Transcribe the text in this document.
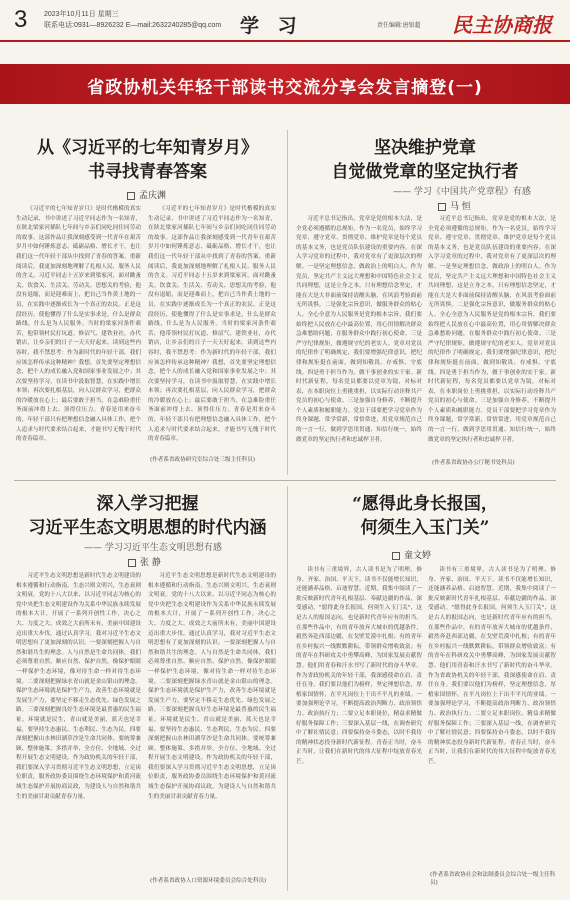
3 2023年10月11日 星期三
联系电话:0931—8926232 E—mail:2632240285@qq.com 学 习	责任编辑:唐银超 民主协商报
省政协机关年轻干部读书交流分享会发言摘登(一)
从《习近平的七年知青岁月》
书寻找青春答案
孟庆渊

《习近平的七年知青岁月》是时代楷模的真实生动记录，书中讲述了习近平同志作为一名知青，在陕北梁家河插队七年间与乡亲们同吃同住同劳动的故事。这部作品让我深刻感受到一代青年在艰苦岁月中如何锤炼意志、砥砺品格、增长才干，也让我们这一代年轻干部从中找到了青春的答案。重新阅读后，我更加深刻地理解了扎根人民、服务人民的含义。习近平同志十五岁来到梁家河，面对跳蚤关、饮食关、生活关、劳动关、思想关的考验，他没有退缩，而是迎难而上，把自己当作黄土地的一员，在实践中逐渐成长为一个真正的农民。正是这段经历，使他懂得了什么是实事求是，什么是群众路线，什么是为人民服务。当时的梁家河条件艰苦，他带领村民打坑道、修沼气、建铁业社，办代销店，让乡亲们的日子一天天好起来。读到这些内容时，我不禁思考：作为新时代的年轻干部，我们应该怎样传承这种精神？我想，首先要坚定理想信念，把个人的成长融入党和国家事业发展之中；其次要坚持学习，在读书中汲取智慧，在实践中增长本领；再次要扎根基层，向人民群众学习，把群众的冷暖放在心上；最后要敢于担当，在急难险重任务面前冲得上去、顶得住压力。青春是用来奋斗的，年轻干部只有把理想信念融入具体工作，把个人追求与时代要求结合起来，才能书写无愧于时代的青春篇章。

《习近平的七年知青岁月》是时代楷模的真实生动记录，书中讲述了习近平同志作为一名知青，在陕北梁家河插队七年间与乡亲们同吃同住同劳动的故事。这部作品让我深刻感受到一代青年在艰苦岁月中如何锤炼意志、砥砺品格、增长才干，也让我们这一代年轻干部从中找到了青春的答案。重新阅读后，我更加深刻地理解了扎根人民、服务人民的含义。习近平同志十五岁来到梁家河，面对跳蚤关、饮食关、生活关、劳动关、思想关的考验，他没有退缩，而是迎难而上，把自己当作黄土地的一员，在实践中逐渐成长为一个真正的农民。正是这段经历，使他懂得了什么是实事求是，什么是群众路线，什么是为人民服务。当时的梁家河条件艰苦，他带领村民打坑道、修沼气、建铁业社，办代销店，让乡亲们的日子一天天好起来。读到这些内容时，我不禁思考：作为新时代的年轻干部，我们应该怎样传承这种精神？我想，首先要坚定理想信念，把个人的成长融入党和国家事业发展之中；其次要坚持学习，在读书中汲取智慧，在实践中增长本领；再次要扎根基层，向人民群众学习，把群众的冷暖放在心上；最后要敢于担当，在急难险重任务面前冲得上去、顶得住压力。青春是用来奋斗的，年轻干部只有把理想信念融入具体工作，把个人追求与时代要求结合起来，才能书写无愧于时代的青春篇章。

(作者系省政协研究室综合处三级主任科员)
坚决维护党章
自觉做党章的坚定执行者
—— 学习《中国共产党章程》有感
马 恒

习近平总书记指出，党章是党的根本大法，是全党必须遵循的总规矩。作为一名党员，始终学习党章、遵守党章、贯彻党章、维护党章是每个党员的基本义务，也是党员队伍建设的重要内容。在深入学习党章的过程中，我对党章有了更深层次的理解。一是坚定理想信念，做政治上的明白人。作为党员，坚定共产主义远大理想和中国特色社会主义共同理想，这是立身之本。只有理想信念坚定，才能在大是大非面前保持清醒头脑，在风浪考验面前无所畏惧。二是强化宗旨意识，做服务群众的贴心人。全心全意为人民服务是党的根本宗旨，我们要始终把人民放在心中最高位置，用心用情解决群众急难愁盼问题，在服务群众中践行初心使命。三是严守纪律规矩，做遵规守纪的老实人。党章对党员的纪律作了明确规定，我们要增强纪律意识，把纪律和规矩挺在前面，做到知敬畏、存戒惧、守底线。四是勇于担当作为，做干事创业的实干家。新时代新征程，每名党员都要以党章为镜，对标对表，在本职岗位上勇挑重担，以实际行动诠释共产党员的初心与使命。三是加强自身修养，不断提升个人素质和履职能力。党员干部要把学习党章作为终身课题，常学常新，常悟常进，用党章规范自己的一言一行，做到学思用贯通、知信行统一，始终做党章的坚定执行者和忠诚捍卫者。

习近平总书记指出，党章是党的根本大法，是全党必须遵循的总规矩。作为一名党员，始终学习党章、遵守党章、贯彻党章、维护党章是每个党员的基本义务，也是党员队伍建设的重要内容。在深入学习党章的过程中，我对党章有了更深层次的理解。一是坚定理想信念，做政治上的明白人。作为党员，坚定共产主义远大理想和中国特色社会主义共同理想，这是立身之本。只有理想信念坚定，才能在大是大非面前保持清醒头脑，在风浪考验面前无所畏惧。二是强化宗旨意识，做服务群众的贴心人。全心全意为人民服务是党的根本宗旨，我们要始终把人民放在心中最高位置，用心用情解决群众急难愁盼问题，在服务群众中践行初心使命。三是严守纪律规矩，做遵规守纪的老实人。党章对党员的纪律作了明确规定，我们要增强纪律意识，把纪律和规矩挺在前面，做到知敬畏、存戒惧、守底线。四是勇于担当作为，做干事创业的实干家。新时代新征程，每名党员都要以党章为镜，对标对表，在本职岗位上勇挑重担，以实际行动诠释共产党员的初心与使命。三是加强自身修养，不断提升个人素质和履职能力。党员干部要把学习党章作为终身课题，常学常新，常悟常进，用党章规范自己的一言一行，做到学思用贯通、知信行统一，始终做党章的坚定执行者和忠诚捍卫者。

(作者系省政协办公厅秘书处科员)
深入学习把握
习近平生态文明思想的时代内涵
—— 学习习近平生态文明思想有感
张 静

习近平生态文明思想是新时代生态文明建设的根本遵循和行动指南。生态兴则文明兴，生态衰则文明衰。党的十八大以来，以习近平同志为核心的党中央把生态文明建设作为关系中华民族永续发展的根本大计，开展了一系列开创性工作，决心之大、力度之大、成效之大前所未有，美丽中国建设迈出重大步伐。通过认真学习，我对习近平生态文明思想有了更加深刻的认识。一要深刻把握人与自然和谐共生的理念。人与自然是生命共同体，我们必须尊重自然、顺应自然、保护自然，像保护眼睛一样保护生态环境，像对待生命一样对待生态环境。二要深刻把握绿水青山就是金山银山的理念。保护生态环境就是保护生产力，改善生态环境就是发展生产力，要坚定不移走生态优先、绿色发展之路。三要深刻把握良好生态环境是最普惠的民生福祉。环境就是民生，青山就是美丽，蓝天也是幸福，要坚持生态惠民、生态利民、生态为民。四要深刻把握山水林田湖草沙是生命共同体。要统筹兼顾、整体施策、多措并举，全方位、全地域、全过程开展生态文明建设。作为政协机关的年轻干部，我们要深入学习贯彻习近平生态文明思想，立足岗位职责，服务政协委员围绕生态环境保护和黄河流域生态保护开展协商议政，为建设人与自然和谐共生的美丽甘肃贡献青春力量。

习近平生态文明思想是新时代生态文明建设的根本遵循和行动指南。生态兴则文明兴，生态衰则文明衰。党的十八大以来，以习近平同志为核心的党中央把生态文明建设作为关系中华民族永续发展的根本大计，开展了一系列开创性工作，决心之大、力度之大、成效之大前所未有，美丽中国建设迈出重大步伐。通过认真学习，我对习近平生态文明思想有了更加深刻的认识。一要深刻把握人与自然和谐共生的理念。人与自然是生命共同体，我们必须尊重自然、顺应自然、保护自然，像保护眼睛一样保护生态环境，像对待生命一样对待生态环境。二要深刻把握绿水青山就是金山银山的理念。保护生态环境就是保护生产力，改善生态环境就是发展生产力，要坚定不移走生态优先、绿色发展之路。三要深刻把握良好生态环境是最普惠的民生福祉。环境就是民生，青山就是美丽，蓝天也是幸福，要坚持生态惠民、生态利民、生态为民。四要深刻把握山水林田湖草沙是生命共同体。要统筹兼顾、整体施策、多措并举，全方位、全地域、全过程开展生态文明建设。作为政协机关的年轻干部，我们要深入学习贯彻习近平生态文明思想，立足岗位职责，服务政协委员围绕生态环境保护和黄河流域生态保护开展协商议政，为建设人与自然和谐共生的美丽甘肃贡献青春力量。

(作者系省政协人口资源环境委员会综合处科员)
“愿得此身长报国，
何须生入玉门关”
童文婷

读书有三重境界，古人读书是为了明理、修身、齐家、治国、平天下。读书不仅能增长知识，还能涵养品格、启迪智慧。近期，我集中阅读了一批反映新时代青年扎根基层、奉献边疆的作品，深受感动。"愿得此身长报国，何须生入玉门关"，这是古人的报国志向，也是新时代青年应有的担当。在那些作品中，有的青年放弃大城市的优越条件，毅然奔赴西部边疆，在戈壁荒漠中扎根；有的青年在乡村振兴一线默默耕耘，带领群众增收致富；有的青年在科研攻关中勇攀高峰，为国家发展贡献智慧。他们用青春和汗水书写了新时代的奋斗华章。作为省政协机关的年轻干部，我深感使命在肩、责任在身。我们要以他们为榜样，坚定理想信念，厚植家国情怀，在平凡岗位上干出不平凡的业绩。一要加强理论学习，不断提高政治判断力、政治领悟力、政治执行力；二要立足本职岗位，精益求精做好服务保障工作；三要深入基层一线，在调查研究中了解社情民意；四要保持奋斗姿态，以时不我待的精神状态投身新时代新征程。青春正当时，奋斗正当时，让我们在新时代的伟大征程中绽放青春光芒。

读书有三重境界，古人读书是为了明理、修身、齐家、治国、平天下。读书不仅能增长知识，还能涵养品格、启迪智慧。近期，我集中阅读了一批反映新时代青年扎根基层、奉献边疆的作品，深受感动。"愿得此身长报国，何须生入玉门关"，这是古人的报国志向，也是新时代青年应有的担当。在那些作品中，有的青年放弃大城市的优越条件，毅然奔赴西部边疆，在戈壁荒漠中扎根；有的青年在乡村振兴一线默默耕耘，带领群众增收致富；有的青年在科研攻关中勇攀高峰，为国家发展贡献智慧。他们用青春和汗水书写了新时代的奋斗华章。作为省政协机关的年轻干部，我深感使命在肩、责任在身。我们要以他们为榜样，坚定理想信念，厚植家国情怀，在平凡岗位上干出不平凡的业绩。一要加强理论学习，不断提高政治判断力、政治领悟力、政治执行力；二要立足本职岗位，精益求精做好服务保障工作；三要深入基层一线，在调查研究中了解社情民意；四要保持奋斗姿态，以时不我待的精神状态投身新时代新征程。青春正当时，奋斗正当时，让我们在新时代的伟大征程中绽放青春光芒。

(作者系省政协社会和法制委员会综合处一级主任科员)
